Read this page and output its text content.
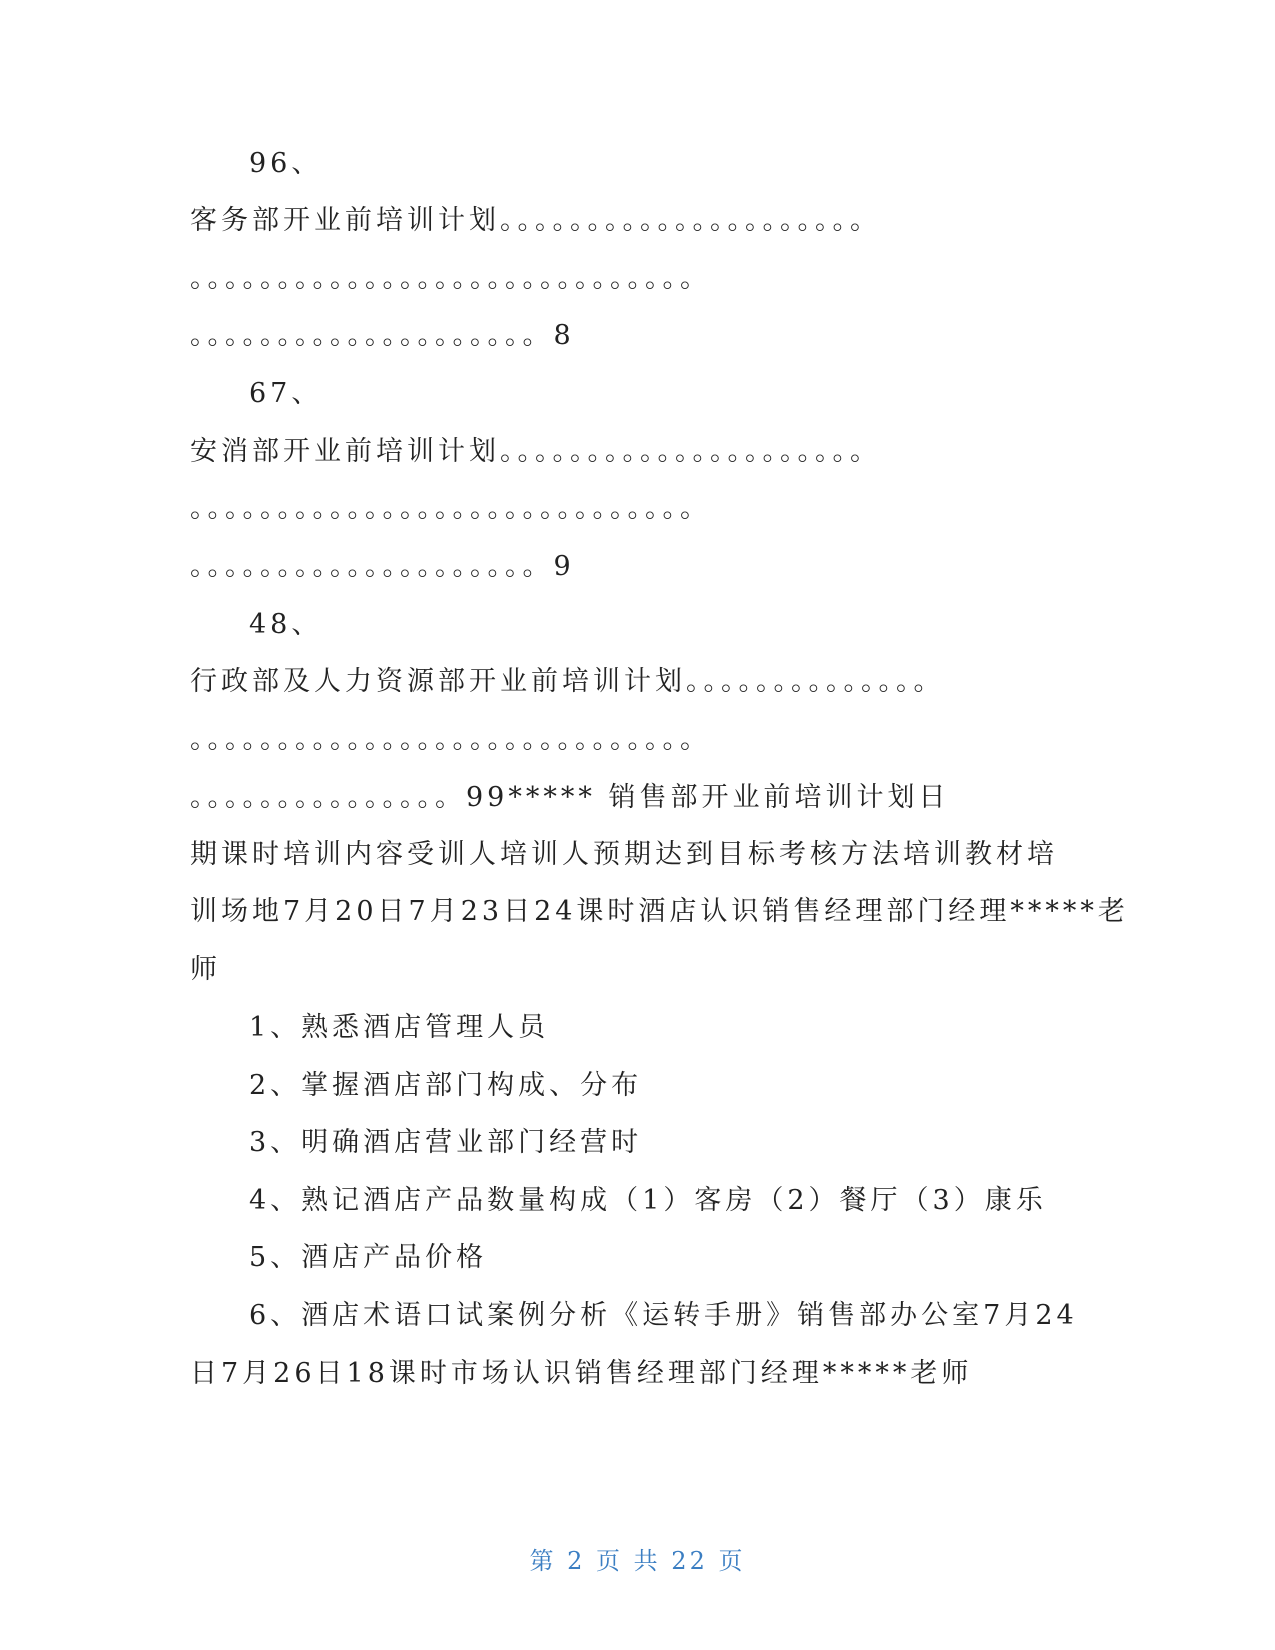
96、
客务部开业前培训计划。。。。。。。。。。。。。。。。。。。。。
。。。。。。。。。。。。。。。。。。。。。。。。。。。。。
。。。。。。。。。。。。。。。。。。。。8
67、
安消部开业前培训计划。。。。。。。。。。。。。。。。。。。。。
。。。。。。。。。。。。。。。。。。。。。。。。。。。。。
。。。。。。。。。。。。。。。。。。。。9
48、
行政部及人力资源部开业前培训计划。。。。。。。。。。。。。。
。。。。。。。。。。。。。。。。。。。。。。。。。。。。。
。。。。。。。。。。。。。。。99***** 销售部开业前培训计划日
期课时培训内容受训人培训人预期达到目标考核方法培训教材培
训场地7月20日7月23日24课时酒店认识销售经理部门经理*****老
师
1、熟悉酒店管理人员
2、掌握酒店部门构成、分布
3、明确酒店营业部门经营时
4、熟记酒店产品数量构成（1）客房（2）餐厅（3）康乐
5、酒店产品价格
6、酒店术语口试案例分析《运转手册》销售部办公室7月24
日7月26日18课时市场认识销售经理部门经理*****老师
第 2 页 共 22 页
